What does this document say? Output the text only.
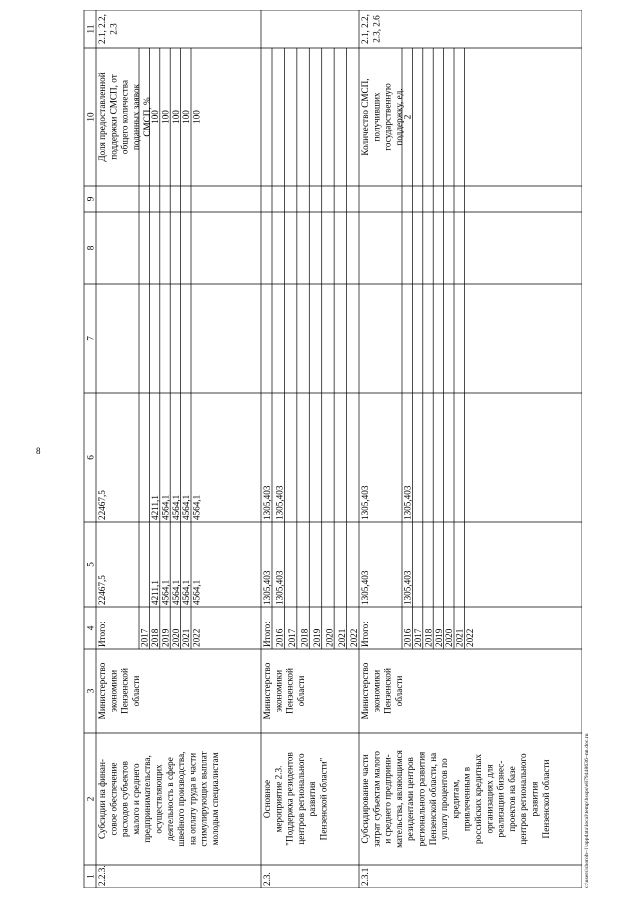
8
1
2
3
4
5
6
7
8
9
10
11
2.2.3.
Субсидии на финан- совое обеспечение расходов субъектов малого и среднего предпринимательства, осуществляющих деятельность в сфере швейного производства, на оплату труда в части стимулирующих выплат молодым специалистам
Министерство экономики Пензенской области
Итого:
22467,5
22467,5
Доля предоставленной поддержки СМСП, от общего количества поданных заявок СМСП, %
2.1, 2.2, 2.3
2017 2018
4211,1
4211,1
100
2019
4564,1
4564,1
100
2020
4564,1
4564,1
100
2021
4564,1
4564,1
100
2022
4564,1
4564,1
100
2.3.
Основное мероприятие 2.3. "Поддержка резидентов центров регионального развития Пензенской области"
Министерство экономики Пензенской области
Итого:
1305,403
1305,403
2016
1305,403
1305,403
2017 2018 2019 2020 2021 2022
2.3.1
Субсидирование части затрат субъектам малого и среднего предприни- мательства, являющимся резидентами центров регионального развития Пензенской области, на уплату процентов по кредитам, привлеченным в российских кредитных организациях для реализации бизнес- проектов на базе центров регионального развития Пензенской области
Министерство экономики Пензенской области
Итого:
1305,403
1305,403
Количество СМСП, получивших государственную поддержку, ед.
2.1, 2.2, 2.3, 2.6
2016
1305,403
1305,403
2
2017 2018 2019 2020 2021 2022
c:\users\sboroh~1\appdata\local\temp\bssps\e879448636~nn.doc.ru
